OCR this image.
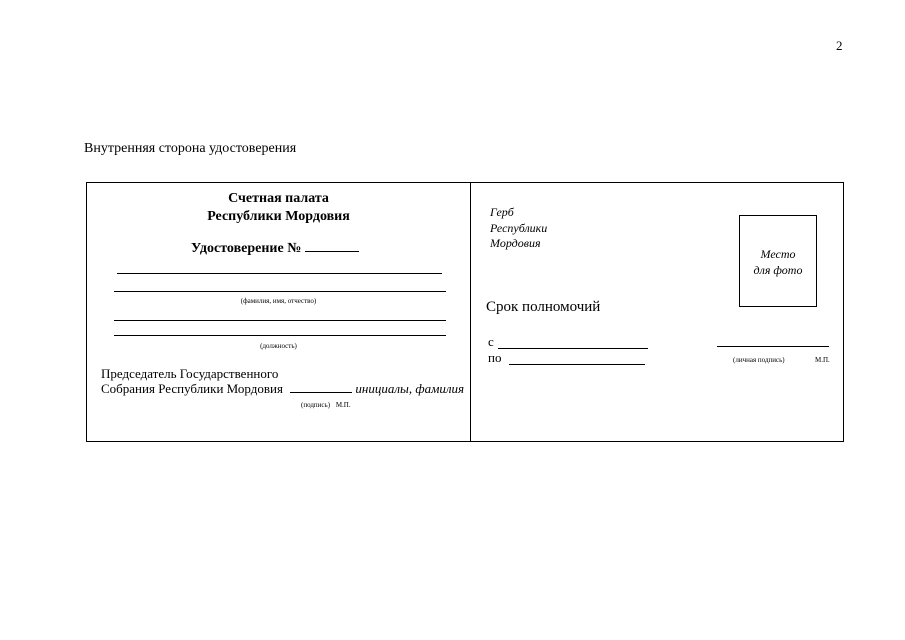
2
Внутренняя сторона удостоверения
Счетная палата
Республики Мордовия
Удостоверение №
(фамилия, имя, отчество)
(должность)
Председатель Государственного
Собрания Республики Мордовия	инициалы, фамилия
(подпись) М.П.
Герб
Республики
Мордовия
Место
для фото
Срок полномочий
с
по	(личная подпись)	М.П.
